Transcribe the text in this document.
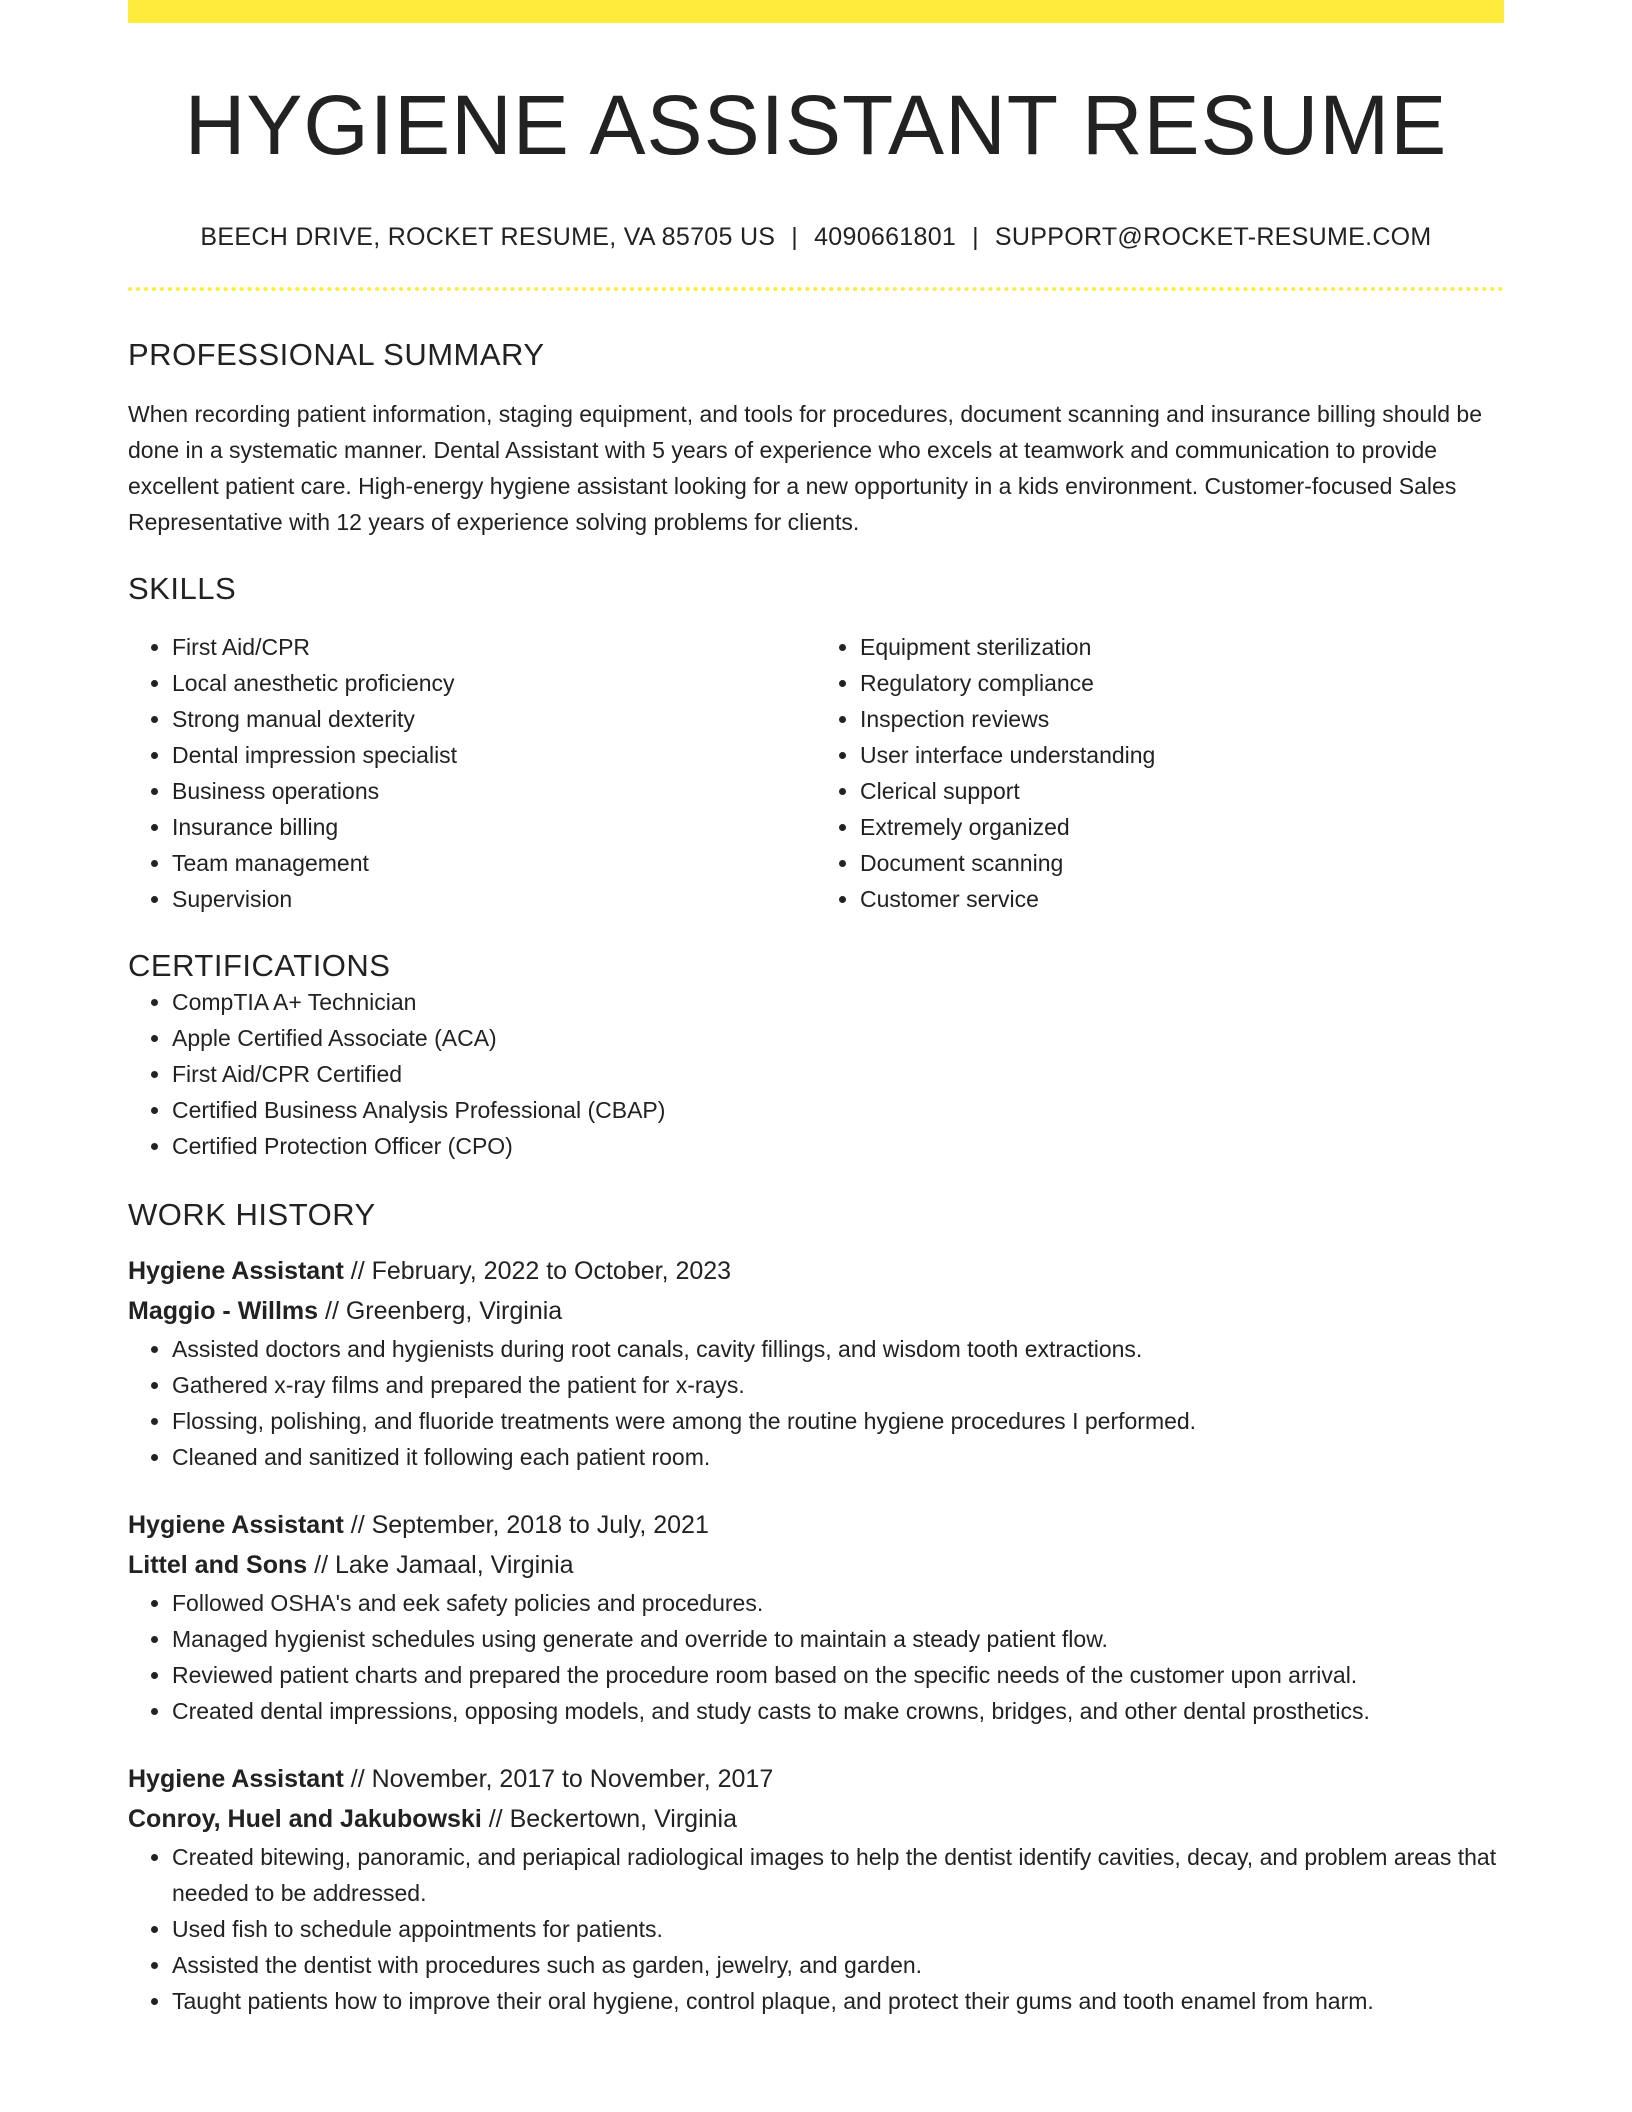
HYGIENE ASSISTANT RESUME
BEECH DRIVE, ROCKET RESUME, VA 85705 US | 4090661801 | SUPPORT@ROCKET-RESUME.COM
PROFESSIONAL SUMMARY
When recording patient information, staging equipment, and tools for procedures, document scanning and insurance billing should be done in a systematic manner. Dental Assistant with 5 years of experience who excels at teamwork and communication to provide excellent patient care. High-energy hygiene assistant looking for a new opportunity in a kids environment. Customer-focused Sales Representative with 12 years of experience solving problems for clients.
SKILLS
• First Aid/CPR
• Local anesthetic proficiency
• Strong manual dexterity
• Dental impression specialist
• Business operations
• Insurance billing
• Team management
• Supervision
• Equipment sterilization
• Regulatory compliance
• Inspection reviews
• User interface understanding
• Clerical support
• Extremely organized
• Document scanning
• Customer service
CERTIFICATIONS
• CompTIA A+ Technician
• Apple Certified Associate (ACA)
• First Aid/CPR Certified
• Certified Business Analysis Professional (CBAP)
• Certified Protection Officer (CPO)
WORK HISTORY
Hygiene Assistant // February, 2022 to October, 2023
Maggio - Willms // Greenberg, Virginia
• Assisted doctors and hygienists during root canals, cavity fillings, and wisdom tooth extractions.
• Gathered x-ray films and prepared the patient for x-rays.
• Flossing, polishing, and fluoride treatments were among the routine hygiene procedures I performed.
• Cleaned and sanitized it following each patient room.
Hygiene Assistant // September, 2018 to July, 2021
Littel and Sons // Lake Jamaal, Virginia
• Followed OSHA's and eek safety policies and procedures.
• Managed hygienist schedules using generate and override to maintain a steady patient flow.
• Reviewed patient charts and prepared the procedure room based on the specific needs of the customer upon arrival.
• Created dental impressions, opposing models, and study casts to make crowns, bridges, and other dental prosthetics.
Hygiene Assistant // November, 2017 to November, 2017
Conroy, Huel and Jakubowski // Beckertown, Virginia
• Created bitewing, panoramic, and periapical radiological images to help the dentist identify cavities, decay, and problem areas that needed to be addressed.
• Used fish to schedule appointments for patients.
• Assisted the dentist with procedures such as garden, jewelry, and garden.
• Taught patients how to improve their oral hygiene, control plaque, and protect their gums and tooth enamel from harm.
